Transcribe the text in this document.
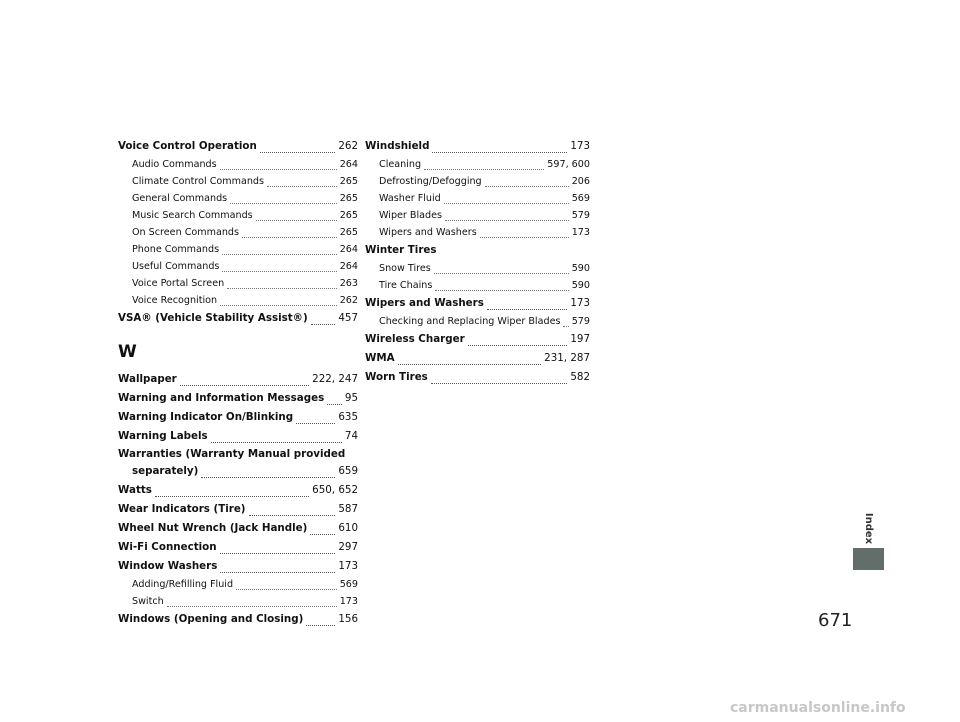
Voice Control Operation	262
Audio Commands	264
Climate Control Commands	265
General Commands	265
Music Search Commands	265
On Screen Commands	265
Phone Commands	264
Useful Commands	264
Voice Portal Screen	263
Voice Recognition	262
VSA® (Vehicle Stability Assist®)	457
W
Wallpaper	222, 247
Warning and Information Messages 95
Warning Indicator On/Blinking	635
Warning Labels	74
Warranties (Warranty Manual provided
separately)	659
Watts	650, 652
Wear Indicators (Tire)	587
Wheel Nut Wrench (Jack Handle)	610
Wi-Fi Connection	297
Window Washers	173
Adding/Refilling Fluid	569
Switch	173
Windows (Opening and Closing)	156
Windshield	173
Cleaning	597, 600
Defrosting/Defogging	206
Washer Fluid	569
Wiper Blades	579
Wipers and Washers	173
Winter Tires
Snow Tires	590
Tire Chains	590
Wipers and Washers	173
Checking and Replacing Wiper Blades 579
Wireless Charger	197
WMA	231, 287
Worn Tires	582
Index
671
carmanualsonline.info
